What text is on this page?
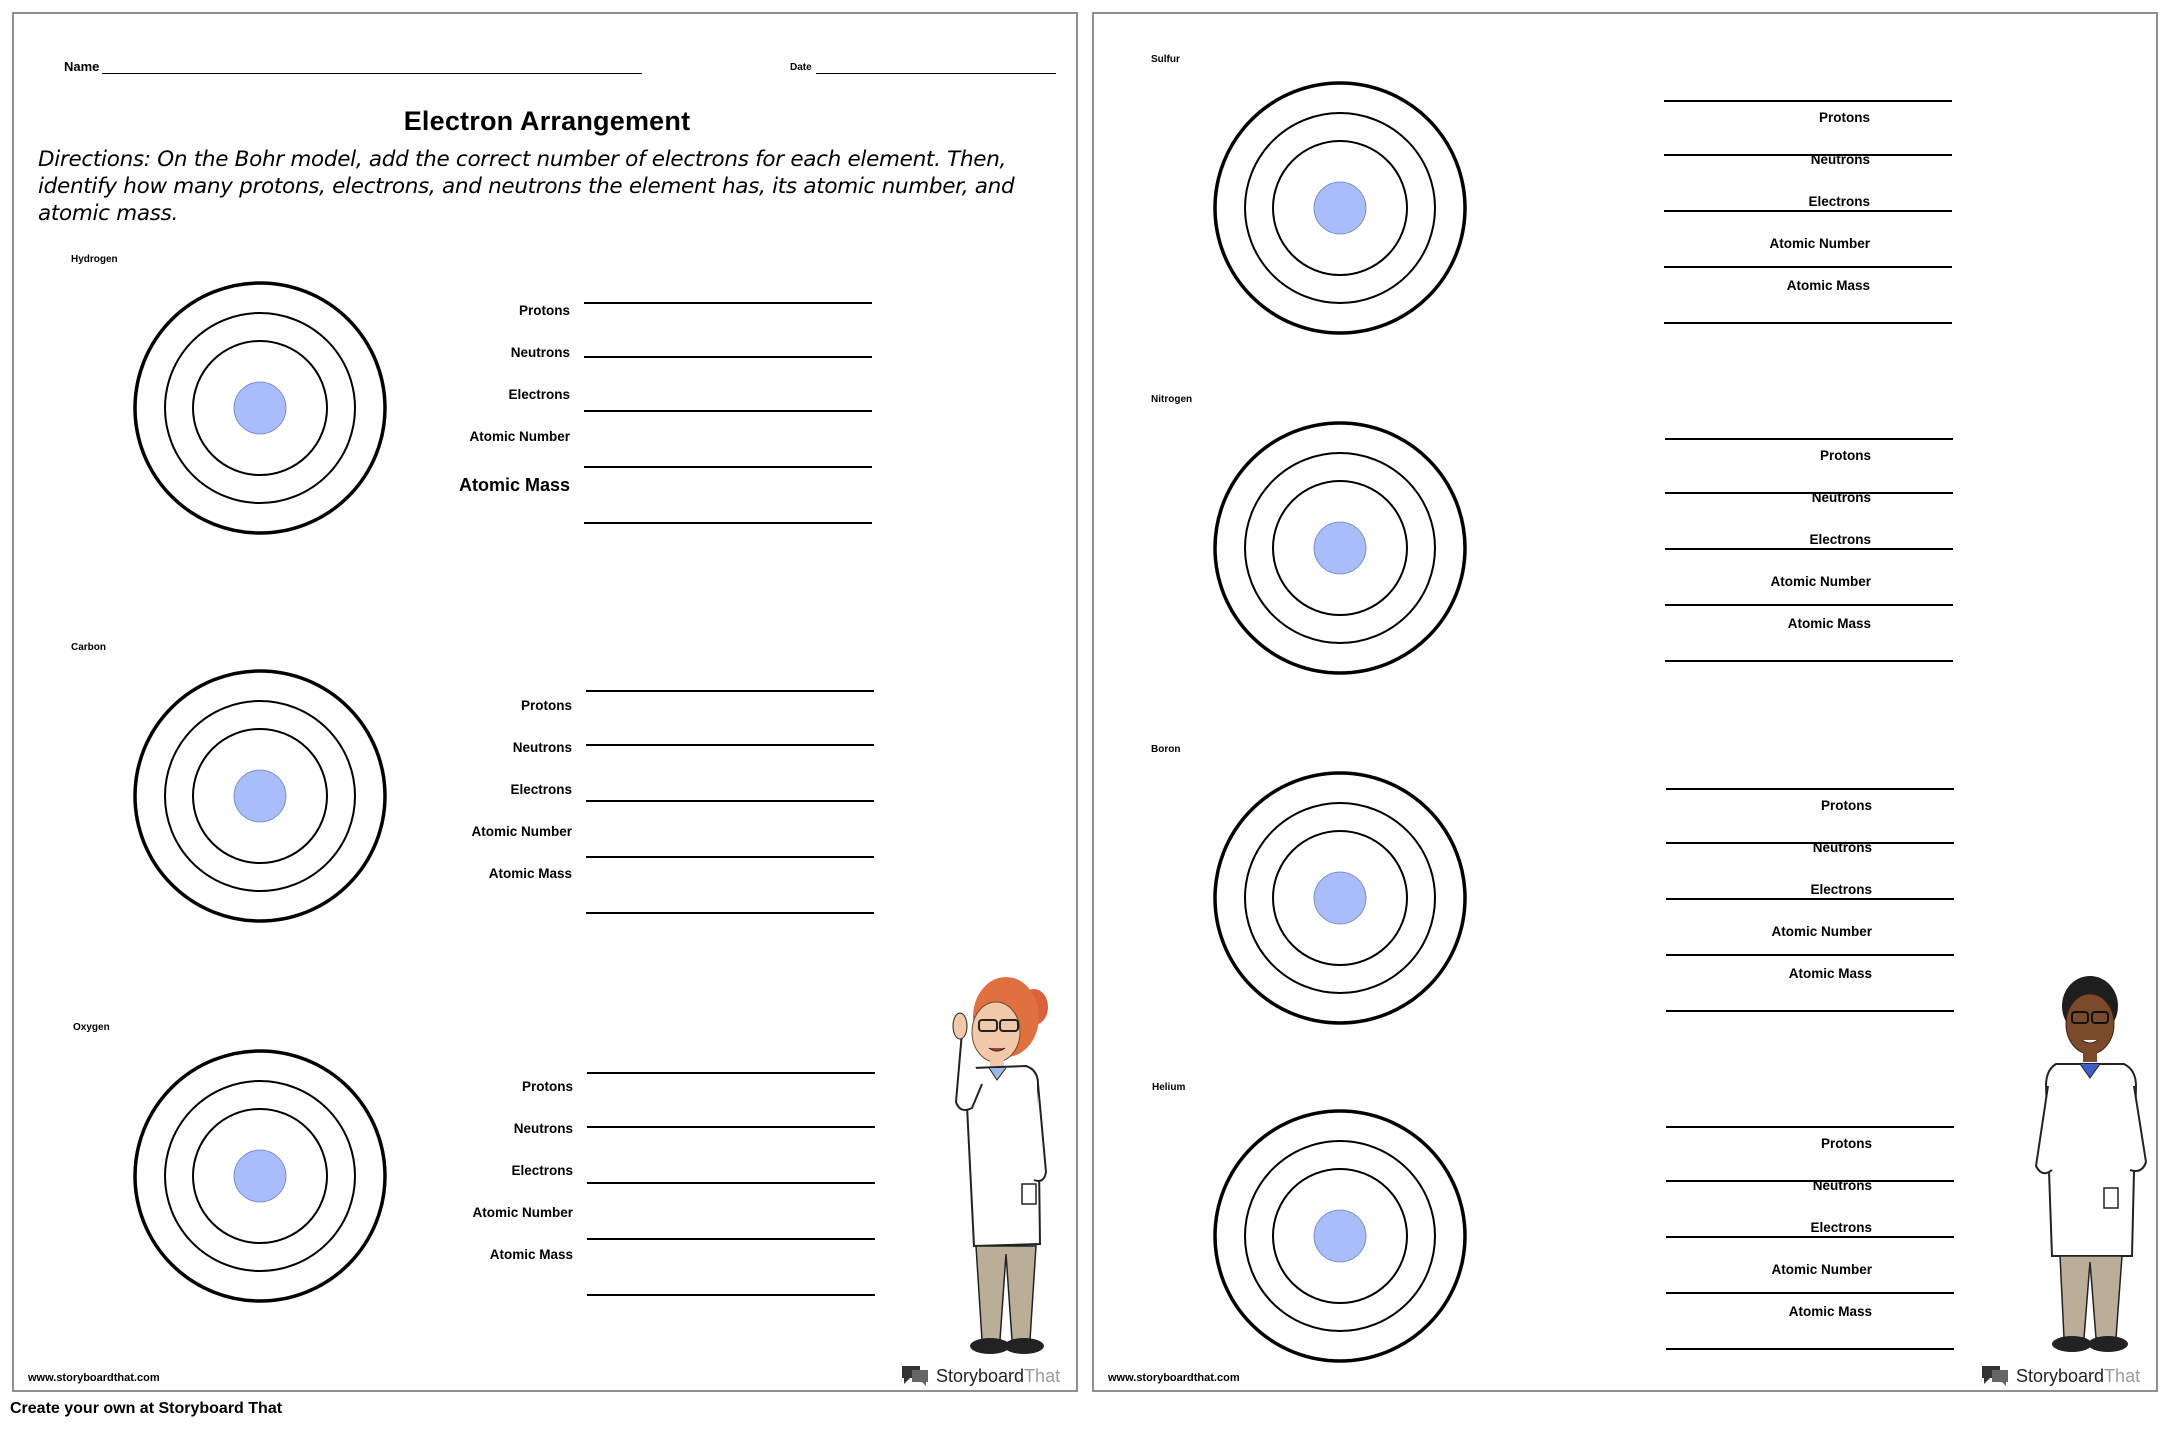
Name	Date
Electron Arrangement
Directions: On the Bohr model, add the correct number of electrons for each element. Then, identify how many protons, electrons, and neutrons the element has, its atomic number, and atomic mass.
Hydrogen
Protons
Neutrons
Electrons
Atomic Number
Atomic Mass
Carbon
Protons
Neutrons
Electrons
Atomic Number
Atomic Mass
Oxygen
Protons
Neutrons
Electrons
Atomic Number
Atomic Mass
www.storyboardthat.com	Storyboard That
Sulfur
Protons
Neutrons
Electrons
Atomic Number
Atomic Mass
Nitrogen
Protons
Neutrons
Electrons
Atomic Number
Atomic Mass
Boron
Protons
Neutrons
Electrons
Atomic Number
Atomic Mass
Helium
Protons
Neutrons
Electrons
Atomic Number
Atomic Mass
www.storyboardthat.com	Storyboard That
Create your own at Storyboard That
